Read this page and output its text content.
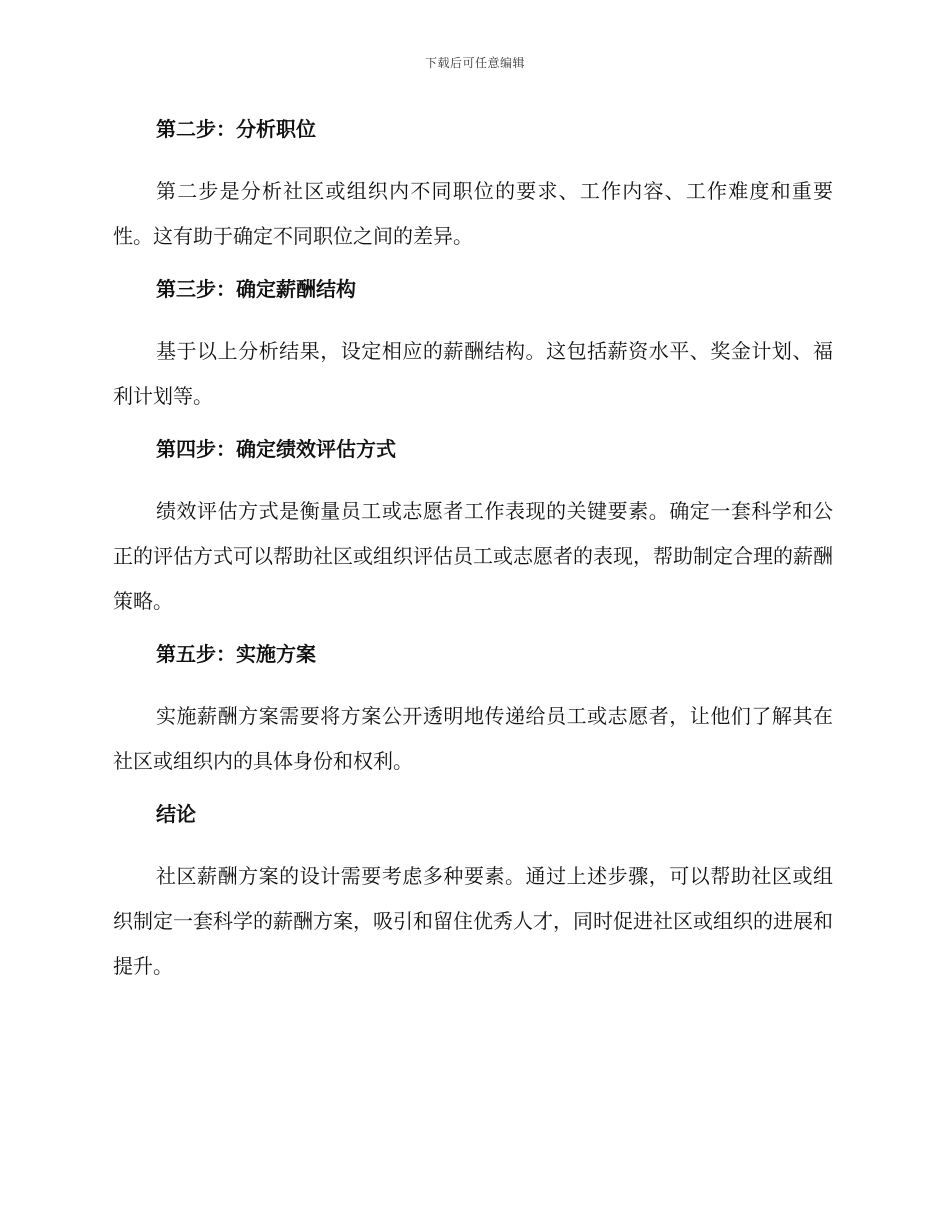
下载后可任意编辑
第二步：分析职位

第二步是分析社区或组织内不同职位的要求、工作内容、工作难度和重要性。这有助于确定不同职位之间的差异。

第三步：确定薪酬结构

基于以上分析结果，设定相应的薪酬结构。这包括薪资水平、奖金计划、福利计划等。

第四步：确定绩效评估方式

绩效评估方式是衡量员工或志愿者工作表现的关键要素。确定一套科学和公正的评估方式可以帮助社区或组织评估员工或志愿者的表现，帮助制定合理的薪酬策略。

第五步：实施方案

实施薪酬方案需要将方案公开透明地传递给员工或志愿者，让他们了解其在社区或组织内的具体身份和权利。

结论

社区薪酬方案的设计需要考虑多种要素。通过上述步骤，可以帮助社区或组织制定一套科学的薪酬方案，吸引和留住优秀人才，同时促进社区或组织的进展和提升。
